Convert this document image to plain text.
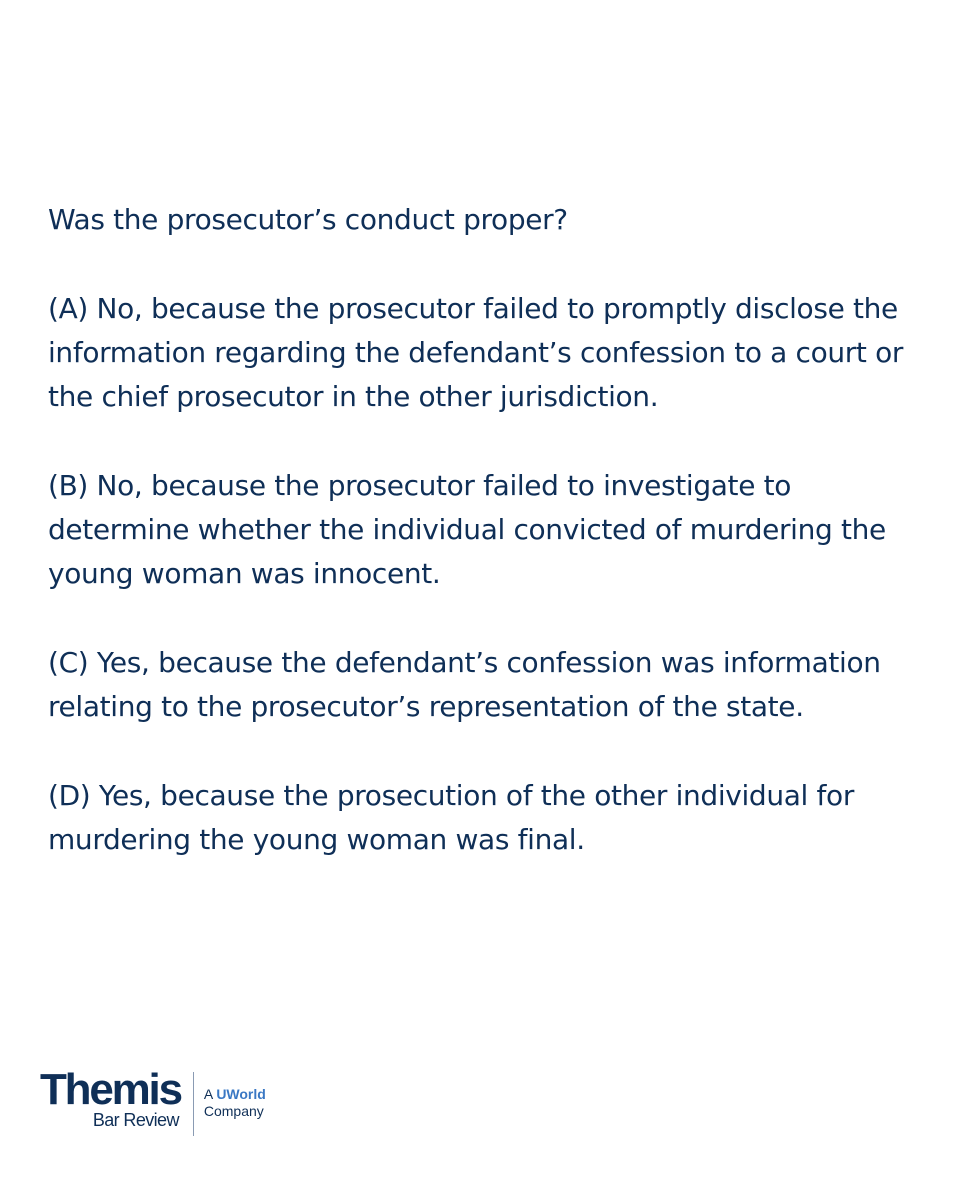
Was the prosecutor’s conduct proper?

(A) No, because the prosecutor failed to promptly disclose the information regarding the defendant’s confession to a court or the chief prosecutor in the other jurisdiction.
(B) No, because the prosecutor failed to investigate to determine whether the individual convicted of murdering the young woman was innocent.
(C) Yes, because the defendant’s confession was information relating to the prosecutor’s representation of the state.
(D) Yes, because the prosecution of the other individual for murdering the young woman was final.
Themis
Bar Review
A UWorld
Company
